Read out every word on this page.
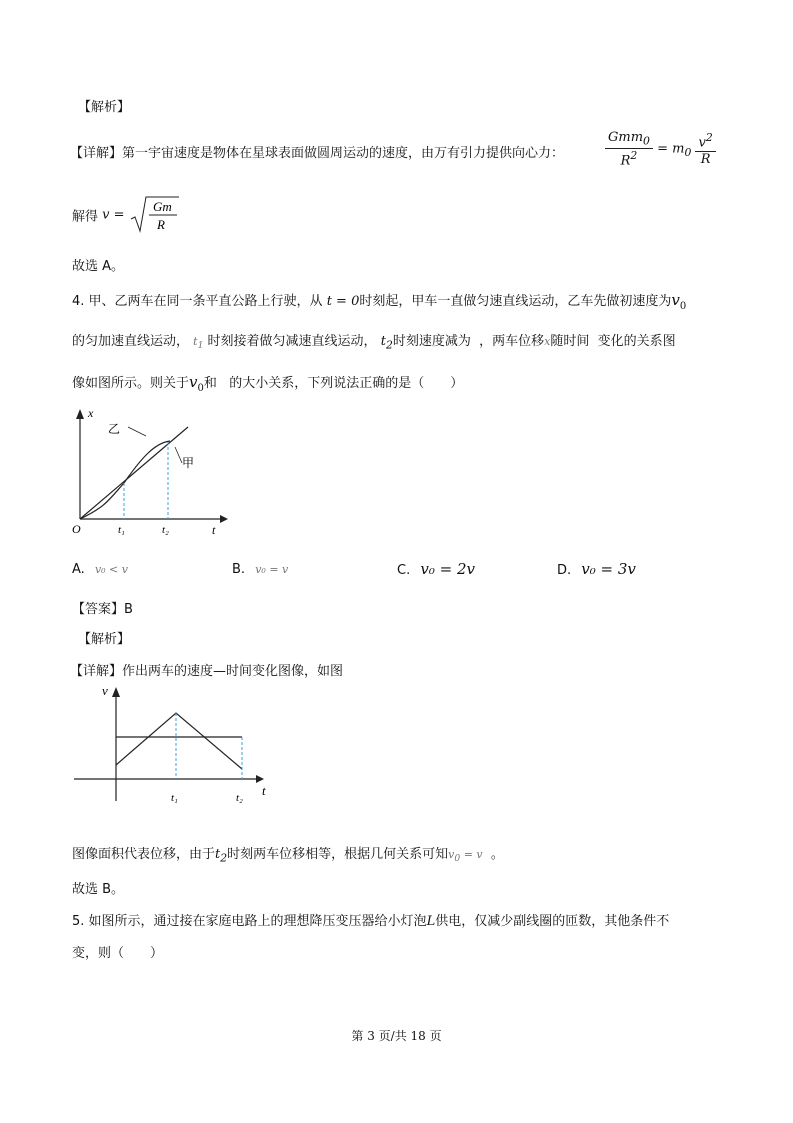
【解析】
【详解】第一宇宙速度是物体在星球表面做圆周运动的速度，由万有引力提供向心力：	$\frac{Gmm_0}{R^2} = m_0 \frac{v^2}{R}$
解得 v =
Gm
R
故选 A。
4. 甲、乙两车在同一条平直公路上行驶，从 t = 0时刻起，甲车一直做匀速直线运动，乙车先做初速度为$v_0$
的匀加速直线运动， $t_1$ 时刻接着做匀减速直线运动， $t_2$时刻速度减为 ，两车位移x随时间 变化的关系图
像如图所示。则关于$v_0$和 的大小关系，下列说法正确的是（　　）
x
t
O	t₁	t₂
乙
甲
A. v₀ < v	B. v₀ = v	C. v₀ = 2v	D. v₀ = 3v
【答案】B
【解析】
【详解】作出两车的速度—时间变化图像，如图
v
t
t₁	t₂
图像面积代表位移，由于$t_2$时刻两车位移相等，根据几何关系可知$v_0 = v$ 。
故选 B。
5. 如图所示，通过接在家庭电路上的理想降压变压器给小灯泡L供电，仅减少副线圈的匝数，其他条件不
变，则（　　）
第 3 页/共 18 页
